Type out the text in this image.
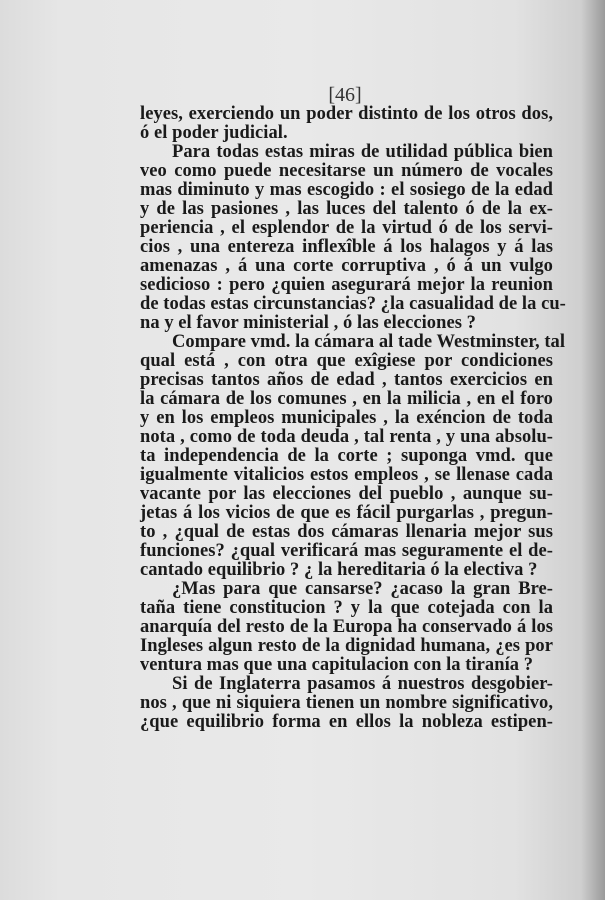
[46]
leyes, exerciendo un poder distinto de los otros dos,
ó el poder judicial.
Para todas estas miras de utilidad pública bien
veo como puede necesitarse un número de vocales
mas diminuto y mas escogido : el sosiego de la edad
y de las pasiones , las luces del talento ó de la ex-
periencia , el esplendor de la virtud ó de los servi-
cios , una entereza inflexîble á los halagos y á las
amenazas , á una corte corruptiva , ó á un vulgo
sedicioso : pero ¿quien asegurará mejor la reunion
de todas estas circunstancias? ¿la casualidad de la cu-
na y el favor ministerial , ó las elecciones ?
Compare vmd. la cámara al tade Westminster, tal
qual está , con otra que exîgiese por condiciones
precisas tantos años de edad , tantos exercicios en
la cámara de los comunes , en la milicia , en el foro
y en los empleos municipales , la exéncion de toda
nota , como de toda deuda , tal renta , y una absolu-
ta independencia de la corte ; suponga vmd. que
igualmente vitalicios estos empleos , se llenase cada
vacante por las elecciones del pueblo , aunque su-
jetas á los vicios de que es fácil purgarlas , pregun-
to , ¿qual de estas dos cámaras llenaria mejor sus
funciones? ¿qual verificará mas seguramente el de-
cantado equilibrio ? ¿ la hereditaria ó la electiva ?
¿Mas para que cansarse? ¿acaso la gran Bre-
taña tiene constitucion ? y la que cotejada con la
anarquía del resto de la Europa ha conservado á los
Ingleses algun resto de la dignidad humana, ¿es por
ventura mas que una capitulacion con la tiranía ?
Si de Inglaterra pasamos á nuestros desgobier-
nos , que ni siquiera tienen un nombre significativo,
¿que equilibrio forma en ellos la nobleza estipen-
